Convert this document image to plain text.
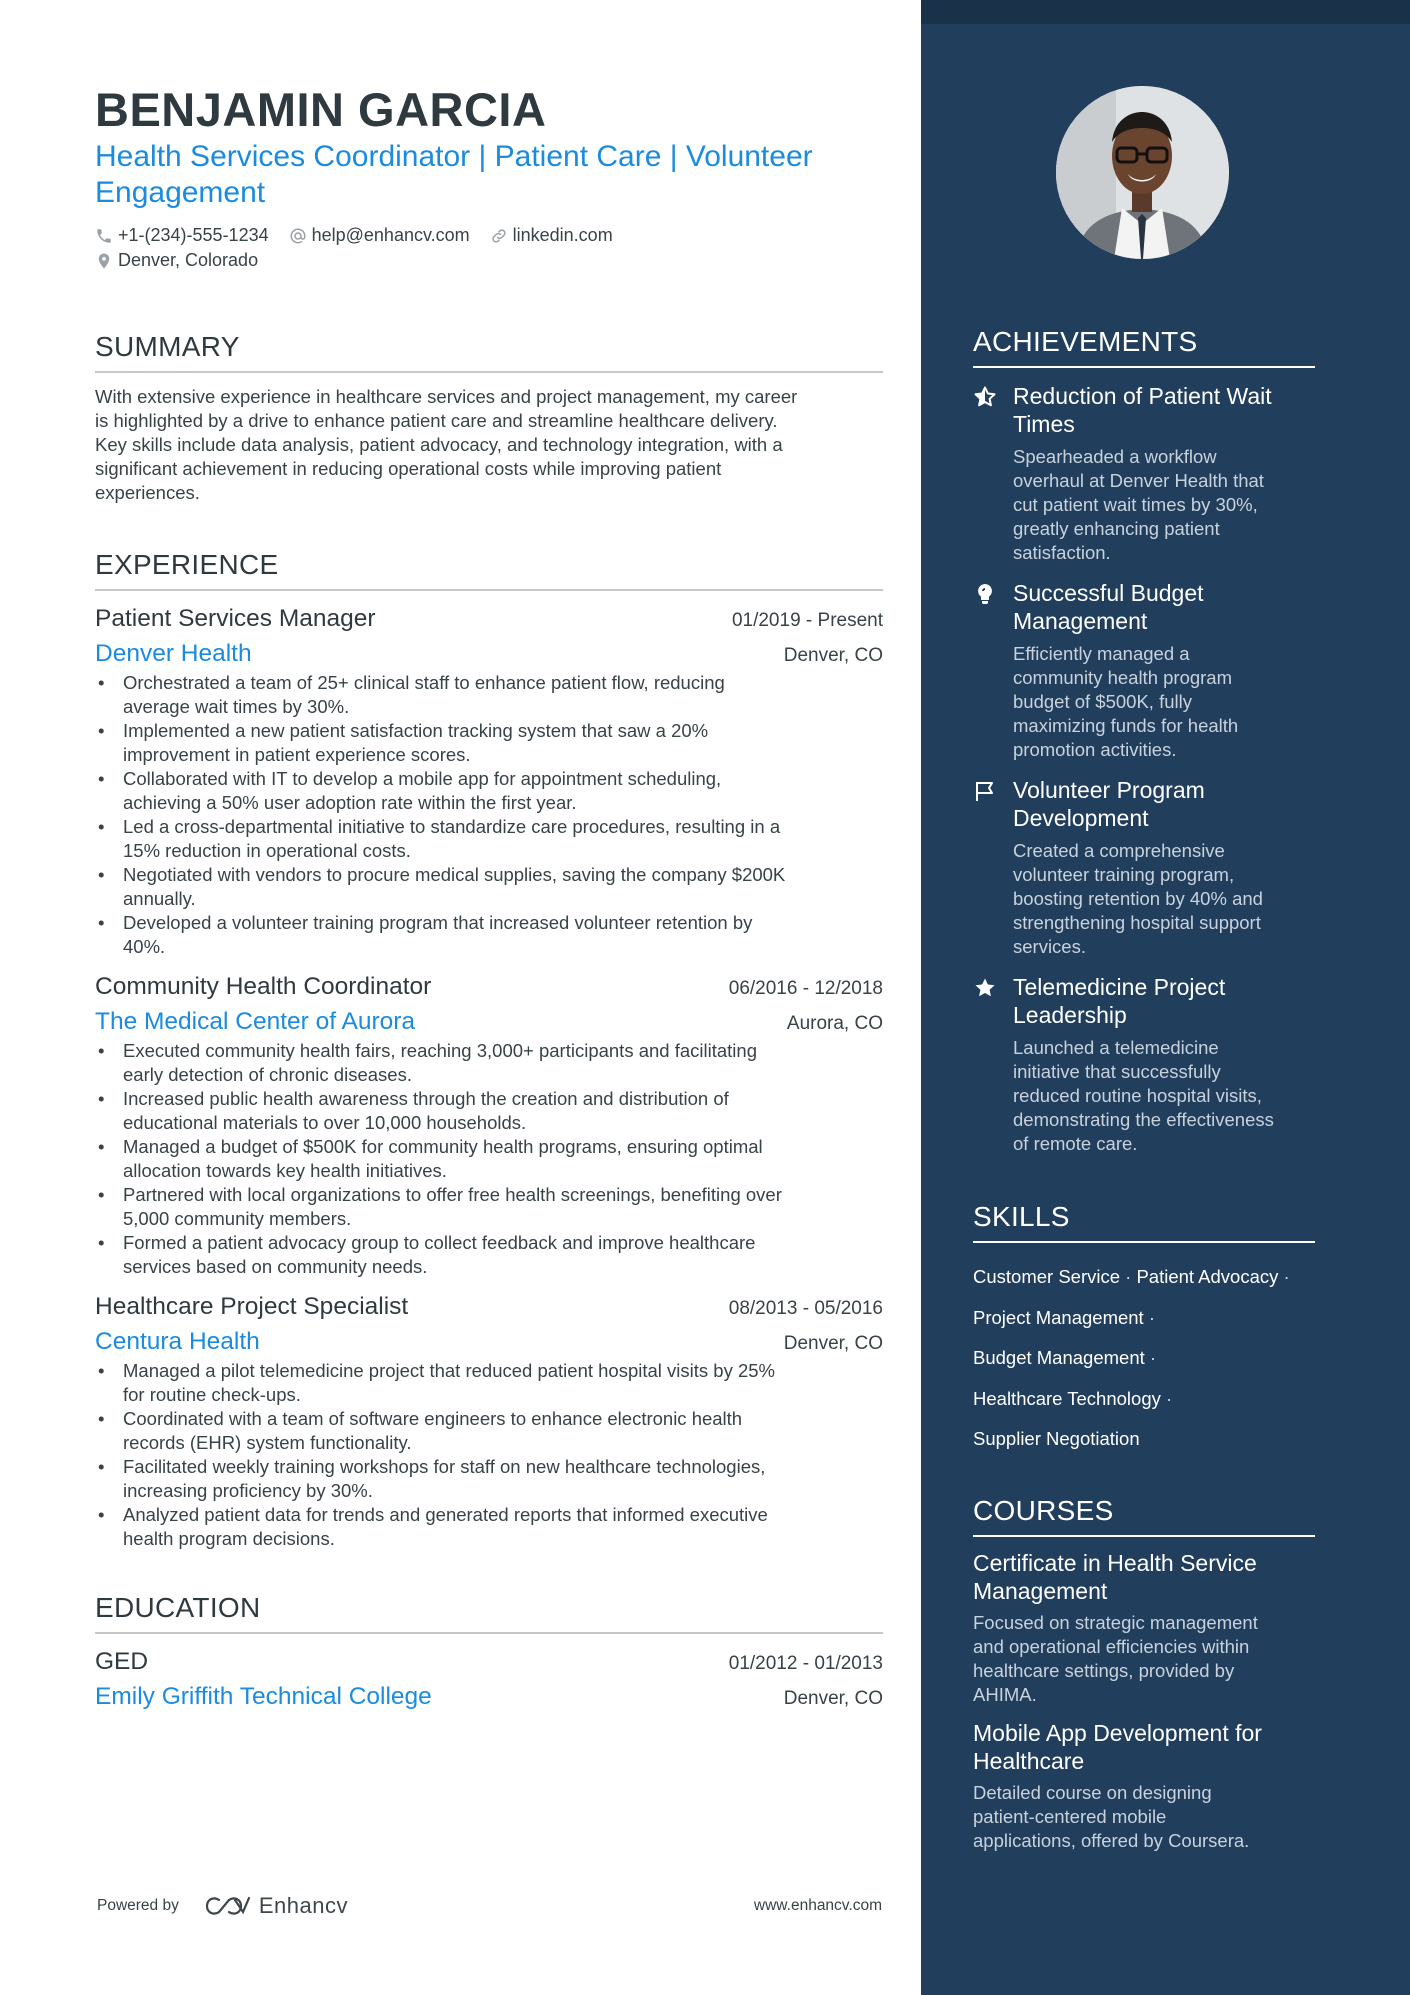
BENJAMIN GARCIA
Health Services Coordinator | Patient Care | Volunteer
Engagement
+1-(234)-555-1234 help@enhancv.com linkedin.com
Denver, Colorado
SUMMARY
With extensive experience in healthcare services and project management, my career
is highlighted by a drive to enhance patient care and streamline healthcare delivery.
Key skills include data analysis, patient advocacy, and technology integration, with a
significant achievement in reducing operational costs while improving patient
experiences.
EXPERIENCE
Patient Services Manager	01/2019 - Present
Denver Health	Denver, CO
• Orchestrated a team of 25+ clinical staff to enhance patient flow, reducing
average wait times by 30%.
• Implemented a new patient satisfaction tracking system that saw a 20%
improvement in patient experience scores.
• Collaborated with IT to develop a mobile app for appointment scheduling,
achieving a 50% user adoption rate within the first year.
• Led a cross-departmental initiative to standardize care procedures, resulting in a
15% reduction in operational costs.
• Negotiated with vendors to procure medical supplies, saving the company $200K
annually.
• Developed a volunteer training program that increased volunteer retention by
40%.
Community Health Coordinator	06/2016 - 12/2018
The Medical Center of Aurora	Aurora, CO
• Executed community health fairs, reaching 3,000+ participants and facilitating
early detection of chronic diseases.
• Increased public health awareness through the creation and distribution of
educational materials to over 10,000 households.
• Managed a budget of $500K for community health programs, ensuring optimal
allocation towards key health initiatives.
• Partnered with local organizations to offer free health screenings, benefiting over
5,000 community members.
• Formed a patient advocacy group to collect feedback and improve healthcare
services based on community needs.
Healthcare Project Specialist	08/2013 - 05/2016
Centura Health	Denver, CO
• Managed a pilot telemedicine project that reduced patient hospital visits by 25%
for routine check-ups.
• Coordinated with a team of software engineers to enhance electronic health
records (EHR) system functionality.
• Facilitated weekly training workshops for staff on new healthcare technologies,
increasing proficiency by 30%.
• Analyzed patient data for trends and generated reports that informed executive
health program decisions.
EDUCATION
GED	01/2012 - 01/2013
Emily Griffith Technical College	Denver, CO
Powered by	Enhancv	www.enhancv.com
ACHIEVEMENTS
Reduction of Patient Wait
Times
Spearheaded a workflow
overhaul at Denver Health that
cut patient wait times by 30%,
greatly enhancing patient
satisfaction.
Successful Budget
Management
Efficiently managed a
community health program
budget of $500K, fully
maximizing funds for health
promotion activities.
Volunteer Program
Development
Created a comprehensive
volunteer training program,
boosting retention by 40% and
strengthening hospital support
services.
Telemedicine Project
Leadership
Launched a telemedicine
initiative that successfully
reduced routine hospital visits,
demonstrating the effectiveness
of remote care.
SKILLS
Customer Service · Patient Advocacy ·
Project Management ·
Budget Management ·
Healthcare Technology ·
Supplier Negotiation
COURSES
Certificate in Health Service
Management
Focused on strategic management
and operational efficiencies within
healthcare settings, provided by
AHIMA.
Mobile App Development for
Healthcare
Detailed course on designing
patient-centered mobile
applications, offered by Coursera.
